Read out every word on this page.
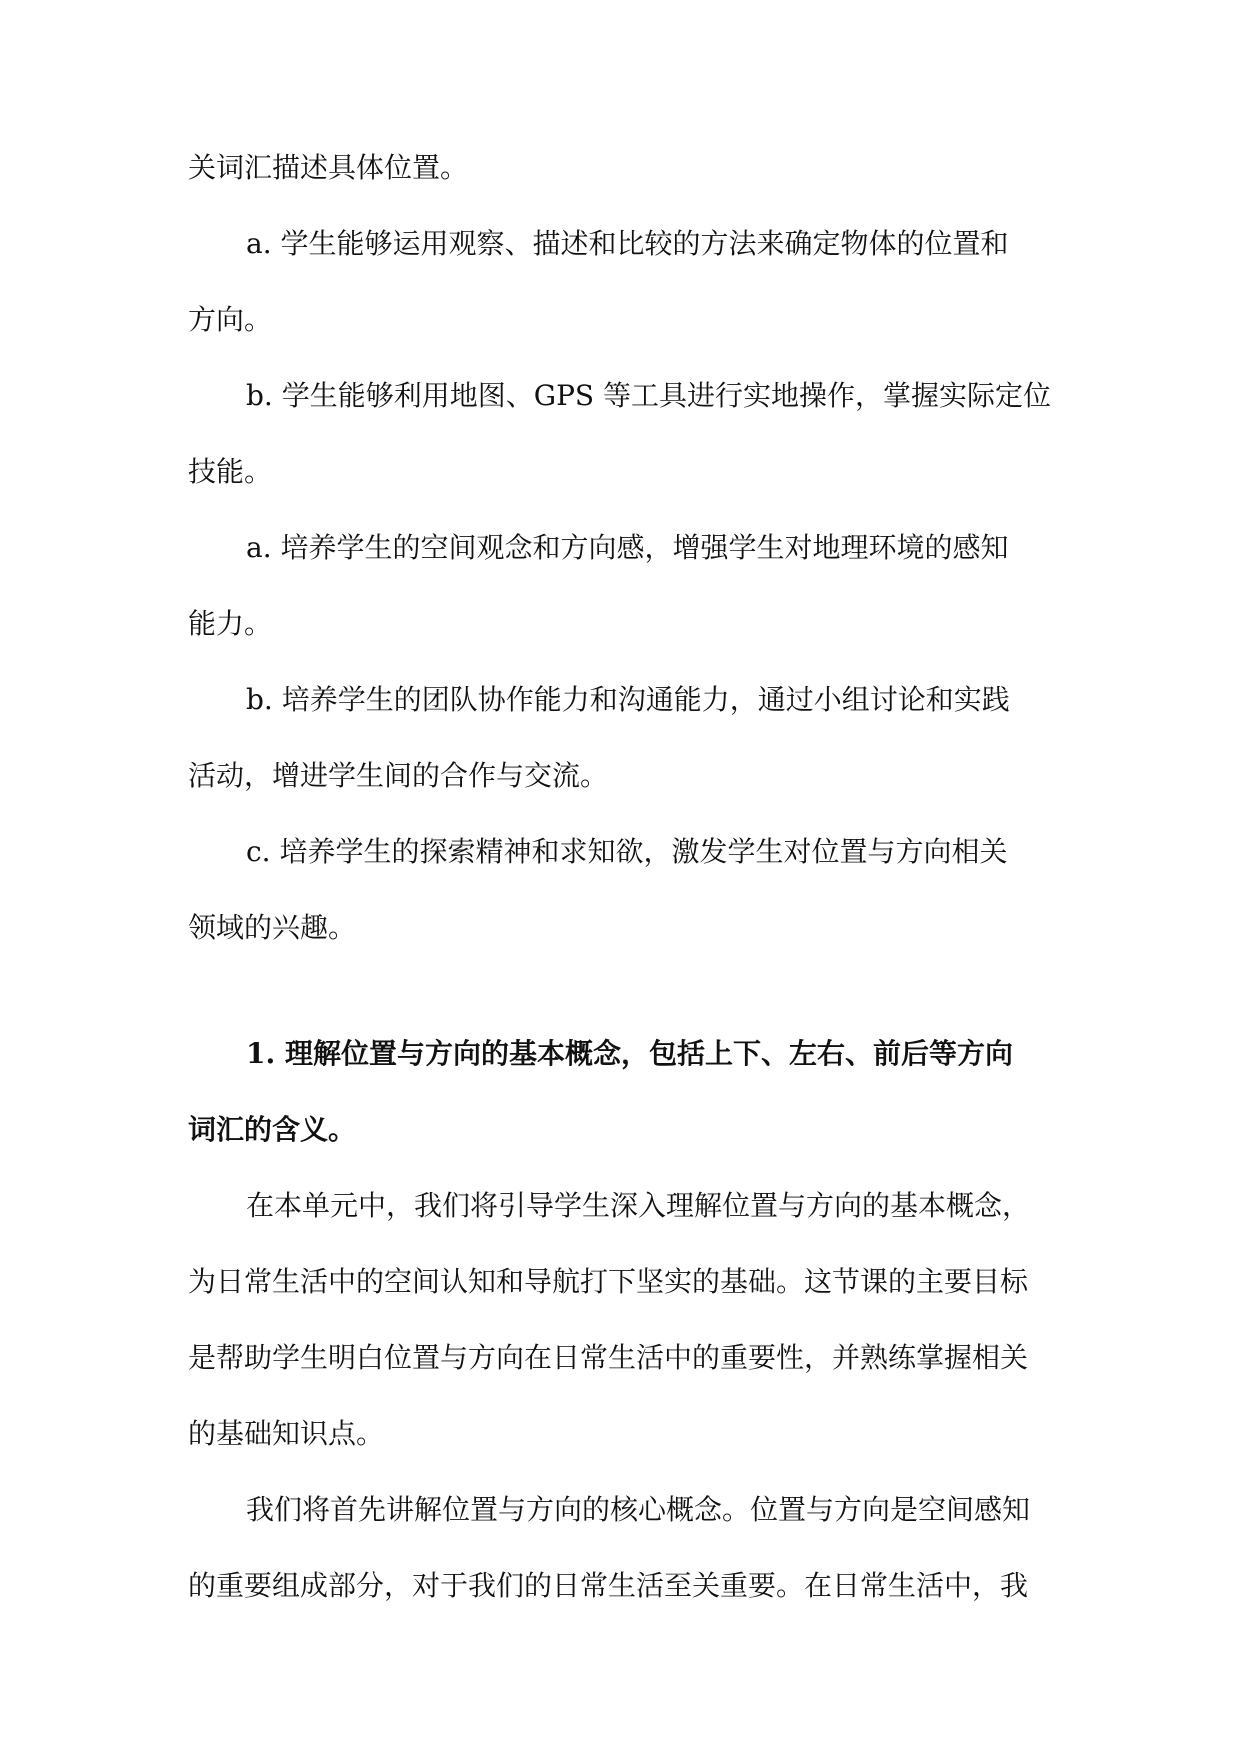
关词汇描述具体位置。
a. 学生能够运用观察、描述和比较的方法来确定物体的位置和
方向。
b. 学生能够利用地图、GPS 等工具进行实地操作，掌握实际定位
技能。
a. 培养学生的空间观念和方向感，增强学生对地理环境的感知
能力。
b. 培养学生的团队协作能力和沟通能力，通过小组讨论和实践
活动，增进学生间的合作与交流。
c. 培养学生的探索精神和求知欲，激发学生对位置与方向相关
领域的兴趣。
1. 理解位置与方向的基本概念，包括上下、左右、前后等方向
词汇的含义。
在本单元中，我们将引导学生深入理解位置与方向的基本概念，
为日常生活中的空间认知和导航打下坚实的基础。这节课的主要目标
是帮助学生明白位置与方向在日常生活中的重要性，并熟练掌握相关
的基础知识点。
我们将首先讲解位置与方向的核心概念。位置与方向是空间感知
的重要组成部分，对于我们的日常生活至关重要。在日常生活中，我
